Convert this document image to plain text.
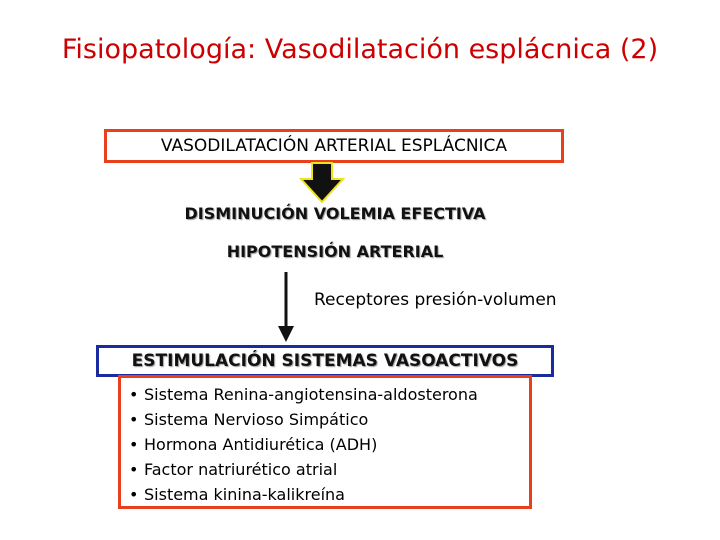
Fisiopatología: Vasodilatación esplácnica (2)
VASODILATACIÓN ARTERIAL ESPLÁCNICA
DISMINUCIÓN VOLEMIA EFECTIVA
HIPOTENSIÓN ARTERIAL
Receptores presión-volumen
ESTIMULACIÓN SISTEMAS VASOACTIVOS
• Sistema Renina-angiotensina-aldosterona
• Sistema Nervioso Simpático
• Hormona Antidiurética (ADH)
• Factor natriurético atrial
• Sistema kinina-kalikreína
